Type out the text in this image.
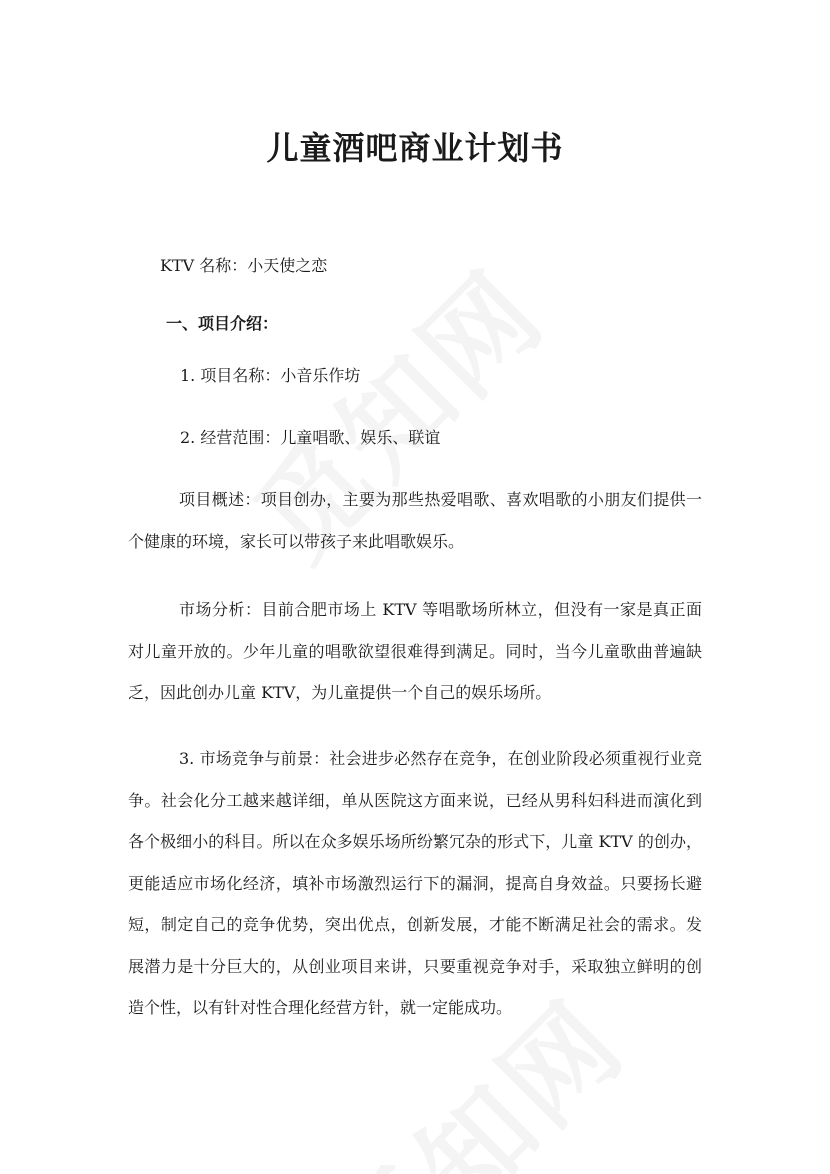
儿童酒吧商业计划书

KTV 名称：小天使之恋

一、项目介绍：

1. 项目名称：小音乐作坊

2. 经营范围：儿童唱歌、娱乐、联谊

项目概述：项目创办，主要为那些热爱唱歌、喜欢唱歌的小朋友们提供一个健康的环境，家长可以带孩子来此唱歌娱乐。

市场分析：目前合肥市场上 KTV 等唱歌场所林立，但没有一家是真正面对儿童开放的。少年儿童的唱歌欲望很难得到满足。同时，当今儿童歌曲普遍缺乏，因此创办儿童 KTV，为儿童提供一个自己的娱乐场所。

3. 市场竞争与前景：社会进步必然存在竞争，在创业阶段必须重视行业竞争。社会化分工越来越详细，单从医院这方面来说，已经从男科妇科进而演化到各个极细小的科目。所以在众多娱乐场所纷繁冗杂的形式下，儿童 KTV 的创办，更能适应市场化经济，填补市场激烈运行下的漏洞，提高自身效益。只要扬长避短，制定自己的竞争优势，突出优点，创新发展，才能不断满足社会的需求。发展潜力是十分巨大的，从创业项目来讲，只要重视竞争对手，采取独立鲜明的创造个性，以有针对性合理化经营方针，就一定能成功。
